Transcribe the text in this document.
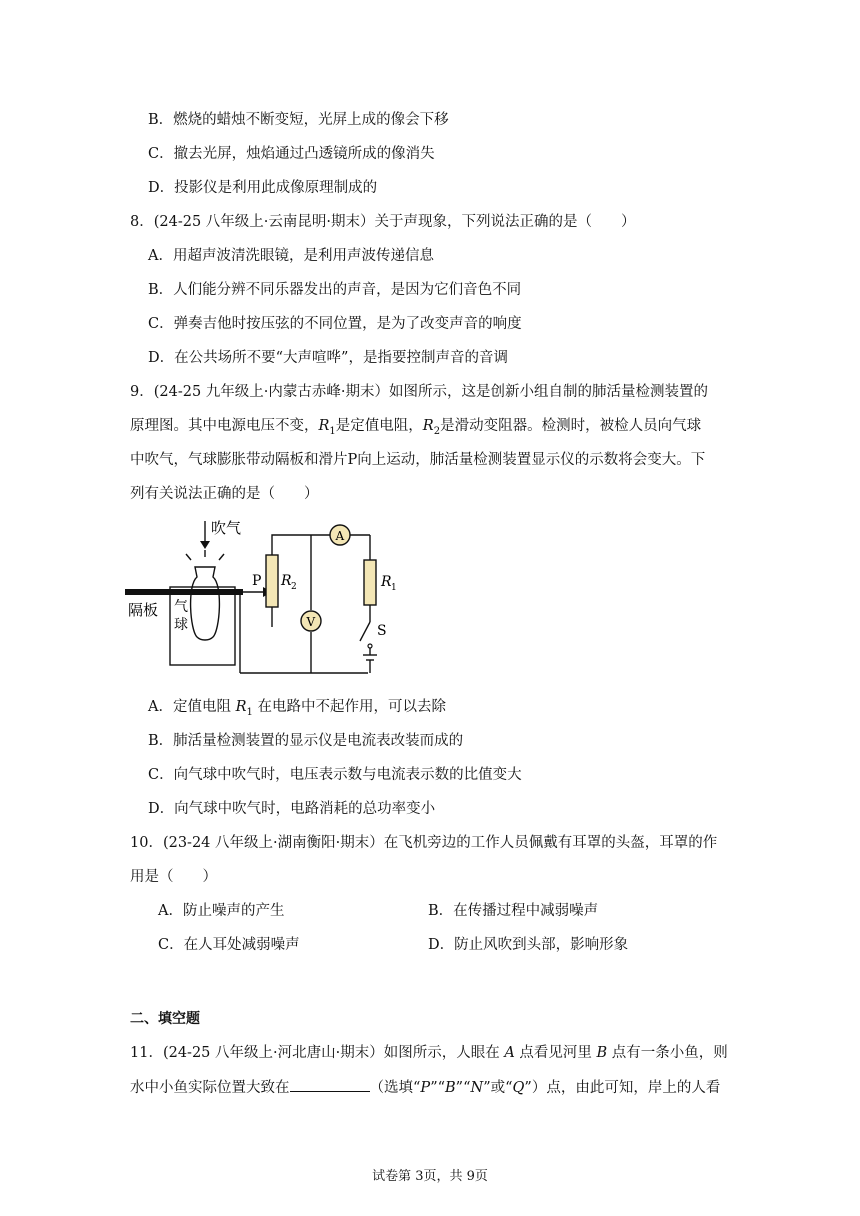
B．燃烧的蜡烛不断变短，光屏上成的像会下移
C．撤去光屏，烛焰通过凸透镜所成的像消失
D．投影仪是利用此成像原理制成的
8．(24-25 八年级上·云南昆明·期末）关于声现象，下列说法正确的是（　　）
A．用超声波清洗眼镜，是利用声波传递信息
B．人们能分辨不同乐器发出的声音，是因为它们音色不同
C．弹奏吉他时按压弦的不同位置，是为了改变声音的响度
D．在公共场所不要“大声喧哗”，是指要控制声音的音调
9．(24-25 九年级上·内蒙古赤峰·期末）如图所示，这是创新小组自制的肺活量检测装置的
原理图。其中电源电压不变，$R_1$是定值电阻，$R_2$是滑动变阻器。检测时，被检人员向气球
中吹气，气球膨胀带动隔板和滑片P向上运动，肺活量检测装置显示仪的示数将会变大。下
列有关说法正确的是（　　）
吹气
隔板 气
球
P R 2	R 1
A
V
S
A．定值电阻 $R_1$ 在电路中不起作用，可以去除
B．肺活量检测装置的显示仪是电流表改装而成的
C．向气球中吹气时，电压表示数与电流表示数的比值变大
D．向气球中吹气时，电路消耗的总功率变小
10．(23-24 八年级上·湖南衡阳·期末）在飞机旁边的工作人员佩戴有耳罩的头盔，耳罩的作
用是（　　）
A．防止噪声的产生	B．在传播过程中减弱噪声
C．在人耳处减弱噪声	D．防止风吹到头部，影响形象
二、填空题
11．(24-25 八年级上·河北唐山·期末）如图所示，人眼在 A 点看见河里 B 点有一条小鱼，则
水中小鱼实际位置大致在	（选填“P”“B”“N”或“Q”）点，由此可知，岸上的人看
试卷第 3页，共 9页
